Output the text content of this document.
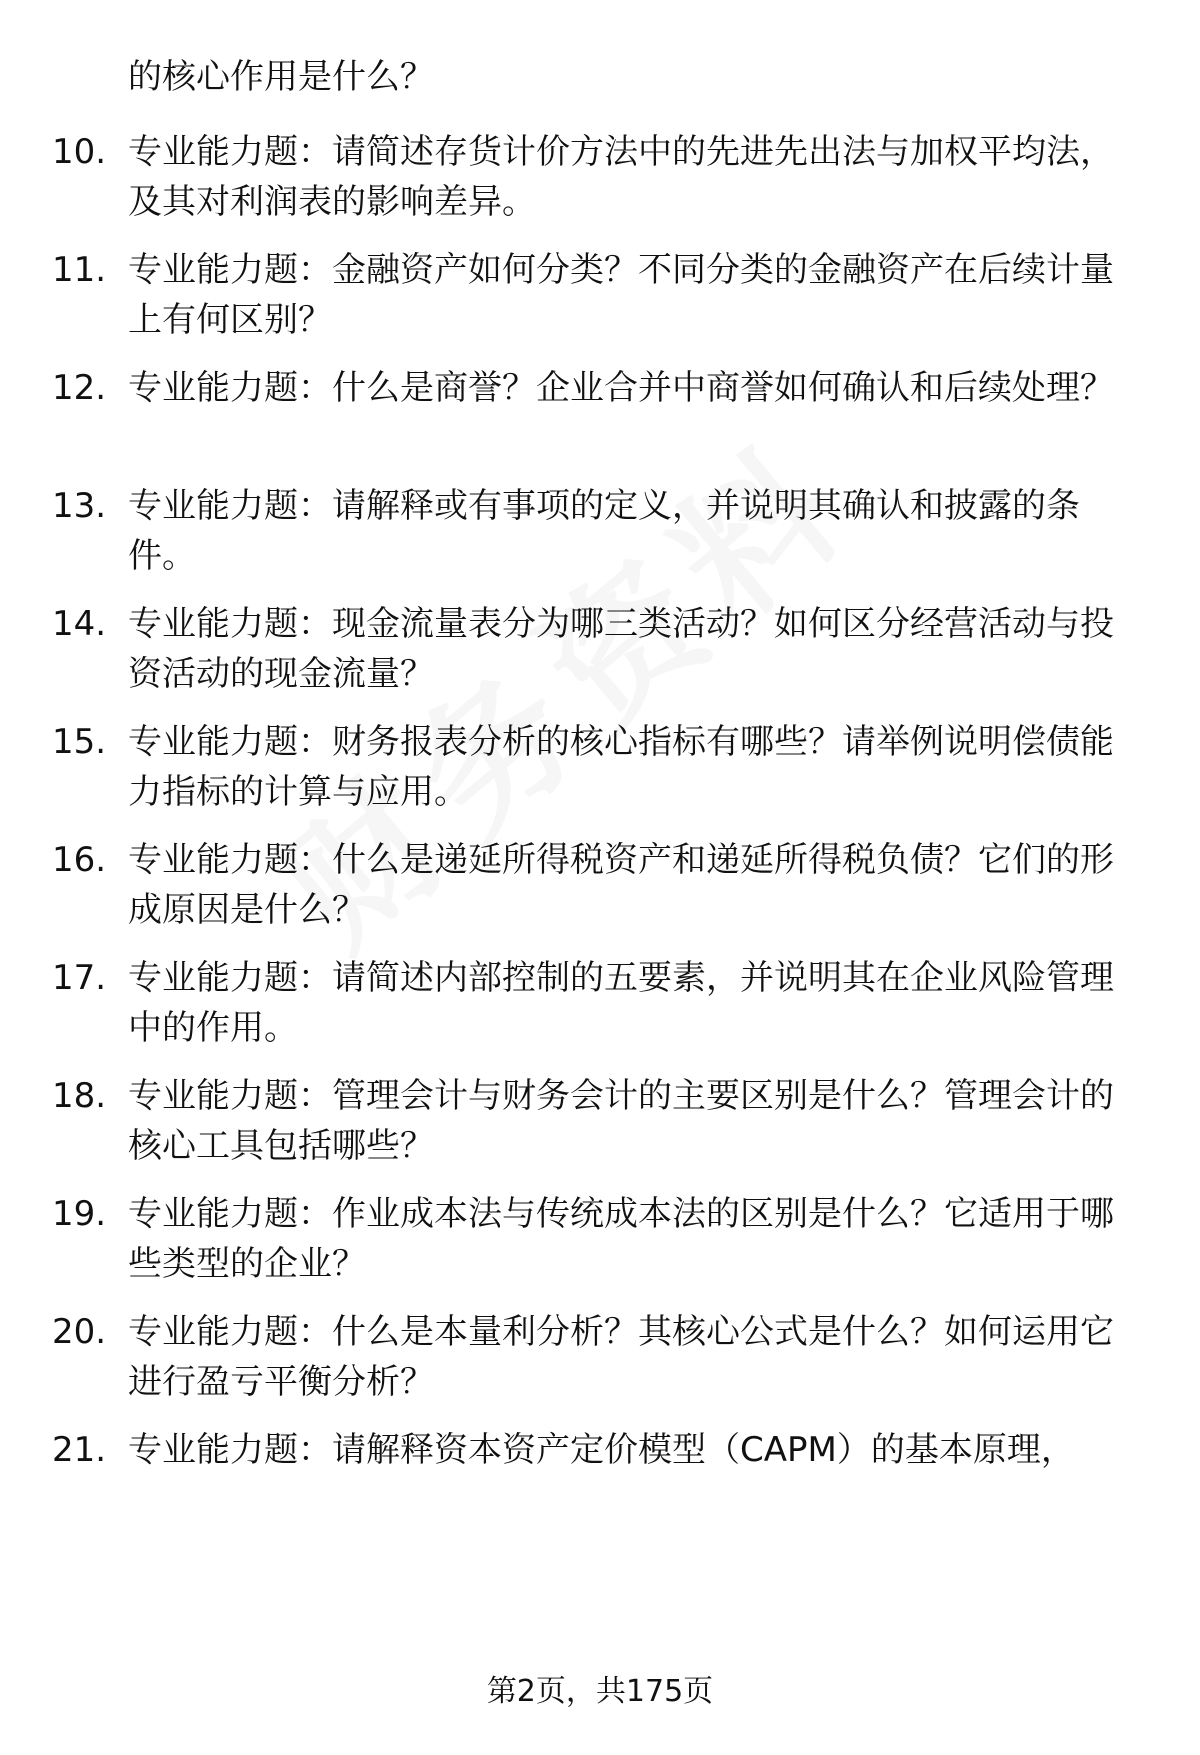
的核心作用是什么？
10. 专业能力题：请简述存货计价方法中的先进先出法与加权平均法，及其对利润表的影响差异。
11. 专业能力题：金融资产如何分类？不同分类的金融资产在后续计量上有何区别？
12. 专业能力题：什么是商誉？企业合并中商誉如何确认和后续处理？
13. 专业能力题：请解释或有事项的定义，并说明其确认和披露的条件。
14. 专业能力题：现金流量表分为哪三类活动？如何区分经营活动与投资活动的现金流量？
15. 专业能力题：财务报表分析的核心指标有哪些？请举例说明偿债能力指标的计算与应用。
16. 专业能力题：什么是递延所得税资产和递延所得税负债？它们的形成原因是什么？
17. 专业能力题：请简述内部控制的五要素，并说明其在企业风险管理中的作用。
18. 专业能力题：管理会计与财务会计的主要区别是什么？管理会计的核心工具包括哪些？
19. 专业能力题：作业成本法与传统成本法的区别是什么？它适用于哪些类型的企业？
20. 专业能力题：什么是本量利分析？其核心公式是什么？如何运用它进行盈亏平衡分析？
21. 专业能力题：请解释资本资产定价模型（CAPM）的基本原理，
第2页，共175页
